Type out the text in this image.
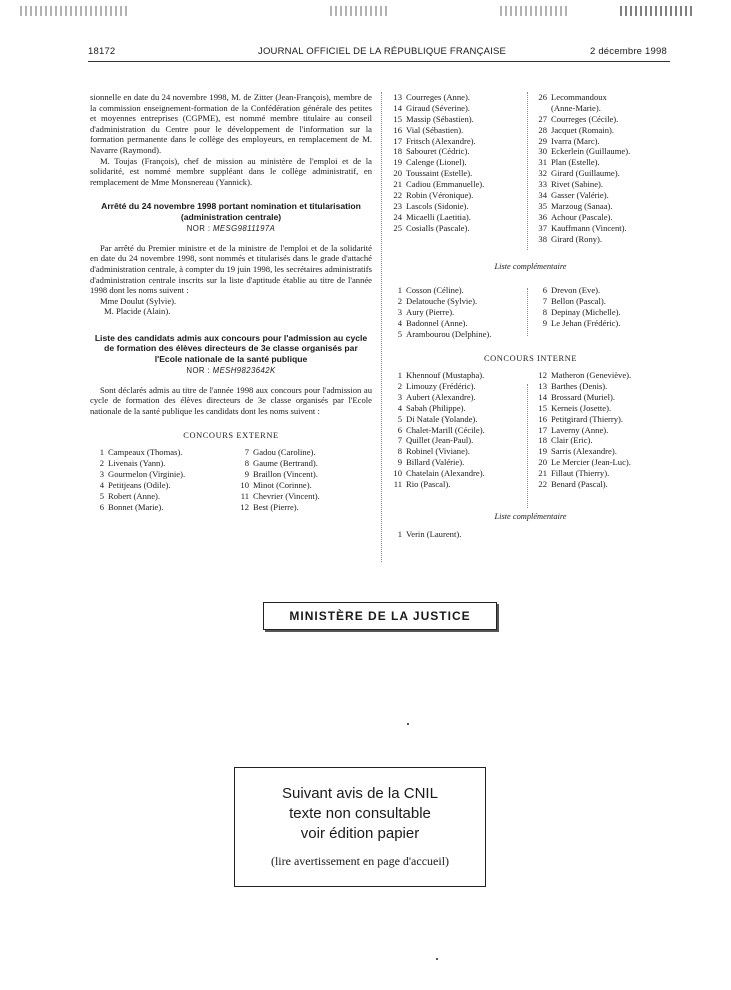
18172	JOURNAL OFFICIEL DE LA RÉPUBLIQUE FRANÇAISE	2 décembre 1998

sionnelle en date du 24 novembre 1998, M. de Zitter (Jean-François), membre de la commission enseignement-formation de la Confédération générale des petites et moyennes entreprises (CGPME), est nommé membre titulaire au conseil d'administration du Centre pour le développement de l'information sur la formation permanente dans le collège des employeurs, en remplacement de M. Navarre (Raymond).

M. Toujas (François), chef de mission au ministère de l'emploi et de la solidarité, est nommé membre suppléant dans le collège administratif, en remplacement de Mme Monsnereau (Yannick).

Arrêté du 24 novembre 1998 portant nomination et titularisation (administration centrale)
NOR : MESG9811197A

Par arrêté du Premier ministre et de la ministre de l'emploi et de la solidarité en date du 24 novembre 1998, sont nommés et titularisés dans le grade d'attaché d'administration centrale, à compter du 19 juin 1998, les secrétaires administratifs d'administration centrale inscrits sur la liste d'aptitude établie au titre de l'année 1998 dont les noms suivent :

Mme Doulut (Sylvie).
M. Placide (Alain).
Liste des candidats admis aux concours pour l'admission au cycle de formation des élèves directeurs de 3e classe organisés par l'Ecole nationale de la santé publique
NOR : MESH9823642K

Sont déclarés admis au titre de l'année 1998 aux concours pour l'admission au cycle de formation des élèves directeurs de 3e classe organisés par l'Ecole nationale de la santé publique les candidats dont les noms suivent :

CONCOURS EXTERNE
1 Campeaux (Thomas).
2 Livenais (Yann).
3 Gourmelon (Virginie).
4 Petitjeans (Odile).
5 Robert (Anne).
6 Bonnet (Marie).
7 Gadou (Caroline).
8 Gaume (Bertrand).
9 Braillon (Vincent).
10 Minot (Corinne).
11 Chevrier (Vincent).
12 Best (Pierre).
13 Courreges (Anne).
14 Giraud (Séverine).
15 Massip (Sébastien).
16 Vial (Sébastien).
17 Fritsch (Alexandre).
18 Sabouret (Cédric).
19 Calenge (Lionel).
20 Toussaint (Estelle).
21 Cadiou (Emmanuelle).
22 Robin (Véronique).
23 Lascols (Sidonie).
24 Micaelli (Laetitia).
25 Cosialls (Pascale).
26 Lecommandoux
(Anne-Marie).
27 Courreges (Cécile).
28 Jacquet (Romain).
29 Ivarra (Marc).
30 Eckerlein (Guillaume).
31 Plan (Estelle).
32 Girard (Guillaume).
33 Rivet (Sabine).
34 Gasser (Valérie).
35 Marzoug (Sanaa).
36 Achour (Pascale).
37 Kauffmann (Vincent).
38 Girard (Rony).
Liste complémentaire
1 Cosson (Céline).
2 Delatouche (Sylvie).
3 Aury (Pierre).
4 Badonnel (Anne).
5 Arambourou (Delphine).
6 Drevon (Eve).
7 Bellon (Pascal).
8 Depinay (Michelle).
9 Le Jehan (Frédéric).
CONCOURS INTERNE
1 Khennouf (Mustapha).
2 Limouzy (Frédéric).
3 Aubert (Alexandre).
4 Sabah (Philippe).
5 Di Natale (Yolande).
6 Chalet-Marill (Cécile).
7 Quillet (Jean-Paul).
8 Robinel (Viviane).
9 Billard (Valérie).
10 Chatelain (Alexandre).
11 Rio (Pascal).
12 Matheron (Geneviève).
13 Barthes (Denis).
14 Brossard (Muriel).
15 Kerneis (Josette).
16 Petitgirard (Thierry).
17 Laverny (Anne).
18 Clair (Eric).
19 Sarris (Alexandre).
20 Le Mercier (Jean-Luc).
21 Fillaut (Thierry).
22 Benard (Pascal).
Liste complémentaire
1 Verin (Laurent).
MINISTÈRE DE LA JUSTICE
Suivant avis de la CNIL
texte non consultable
voir édition papier
(lire avertissement en page d'accueil)
